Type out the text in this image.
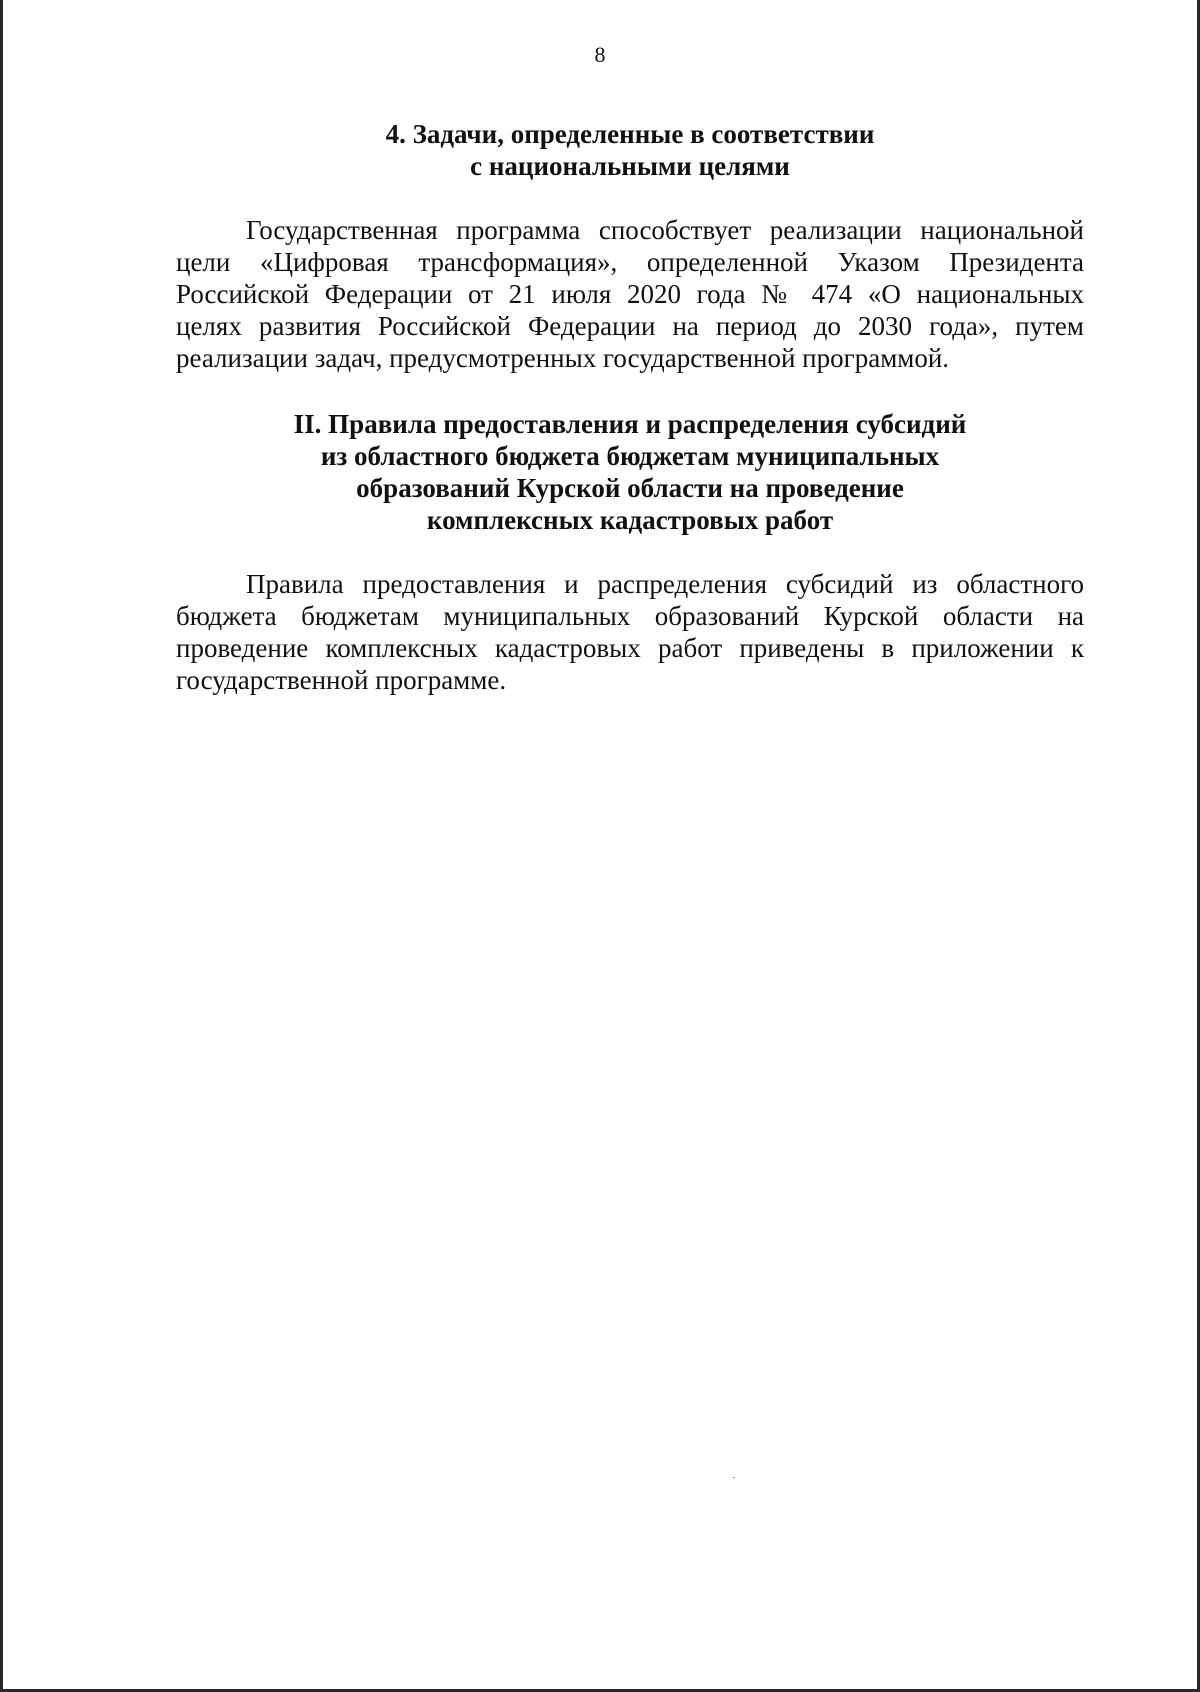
8
4. Задачи, определенные в соответствии
с национальными целями
Государственная программа способствует реализации национальной
цели «Цифровая трансформация», определенной Указом Президента
Российской Федерации от 21 июля 2020 года № 474 «О национальных
целях развития Российской Федерации на период до 2030 года», путем
реализации задач, предусмотренных государственной программой.
II. Правила предоставления и распределения субсидий
из областного бюджета бюджетам муниципальных
образований Курской области на проведение
комплексных кадастровых работ
Правила предоставления и распределения субсидий из областного
бюджета бюджетам муниципальных образований Курской области на
проведение комплексных кадастровых работ приведены в приложении к
государственной программе.
